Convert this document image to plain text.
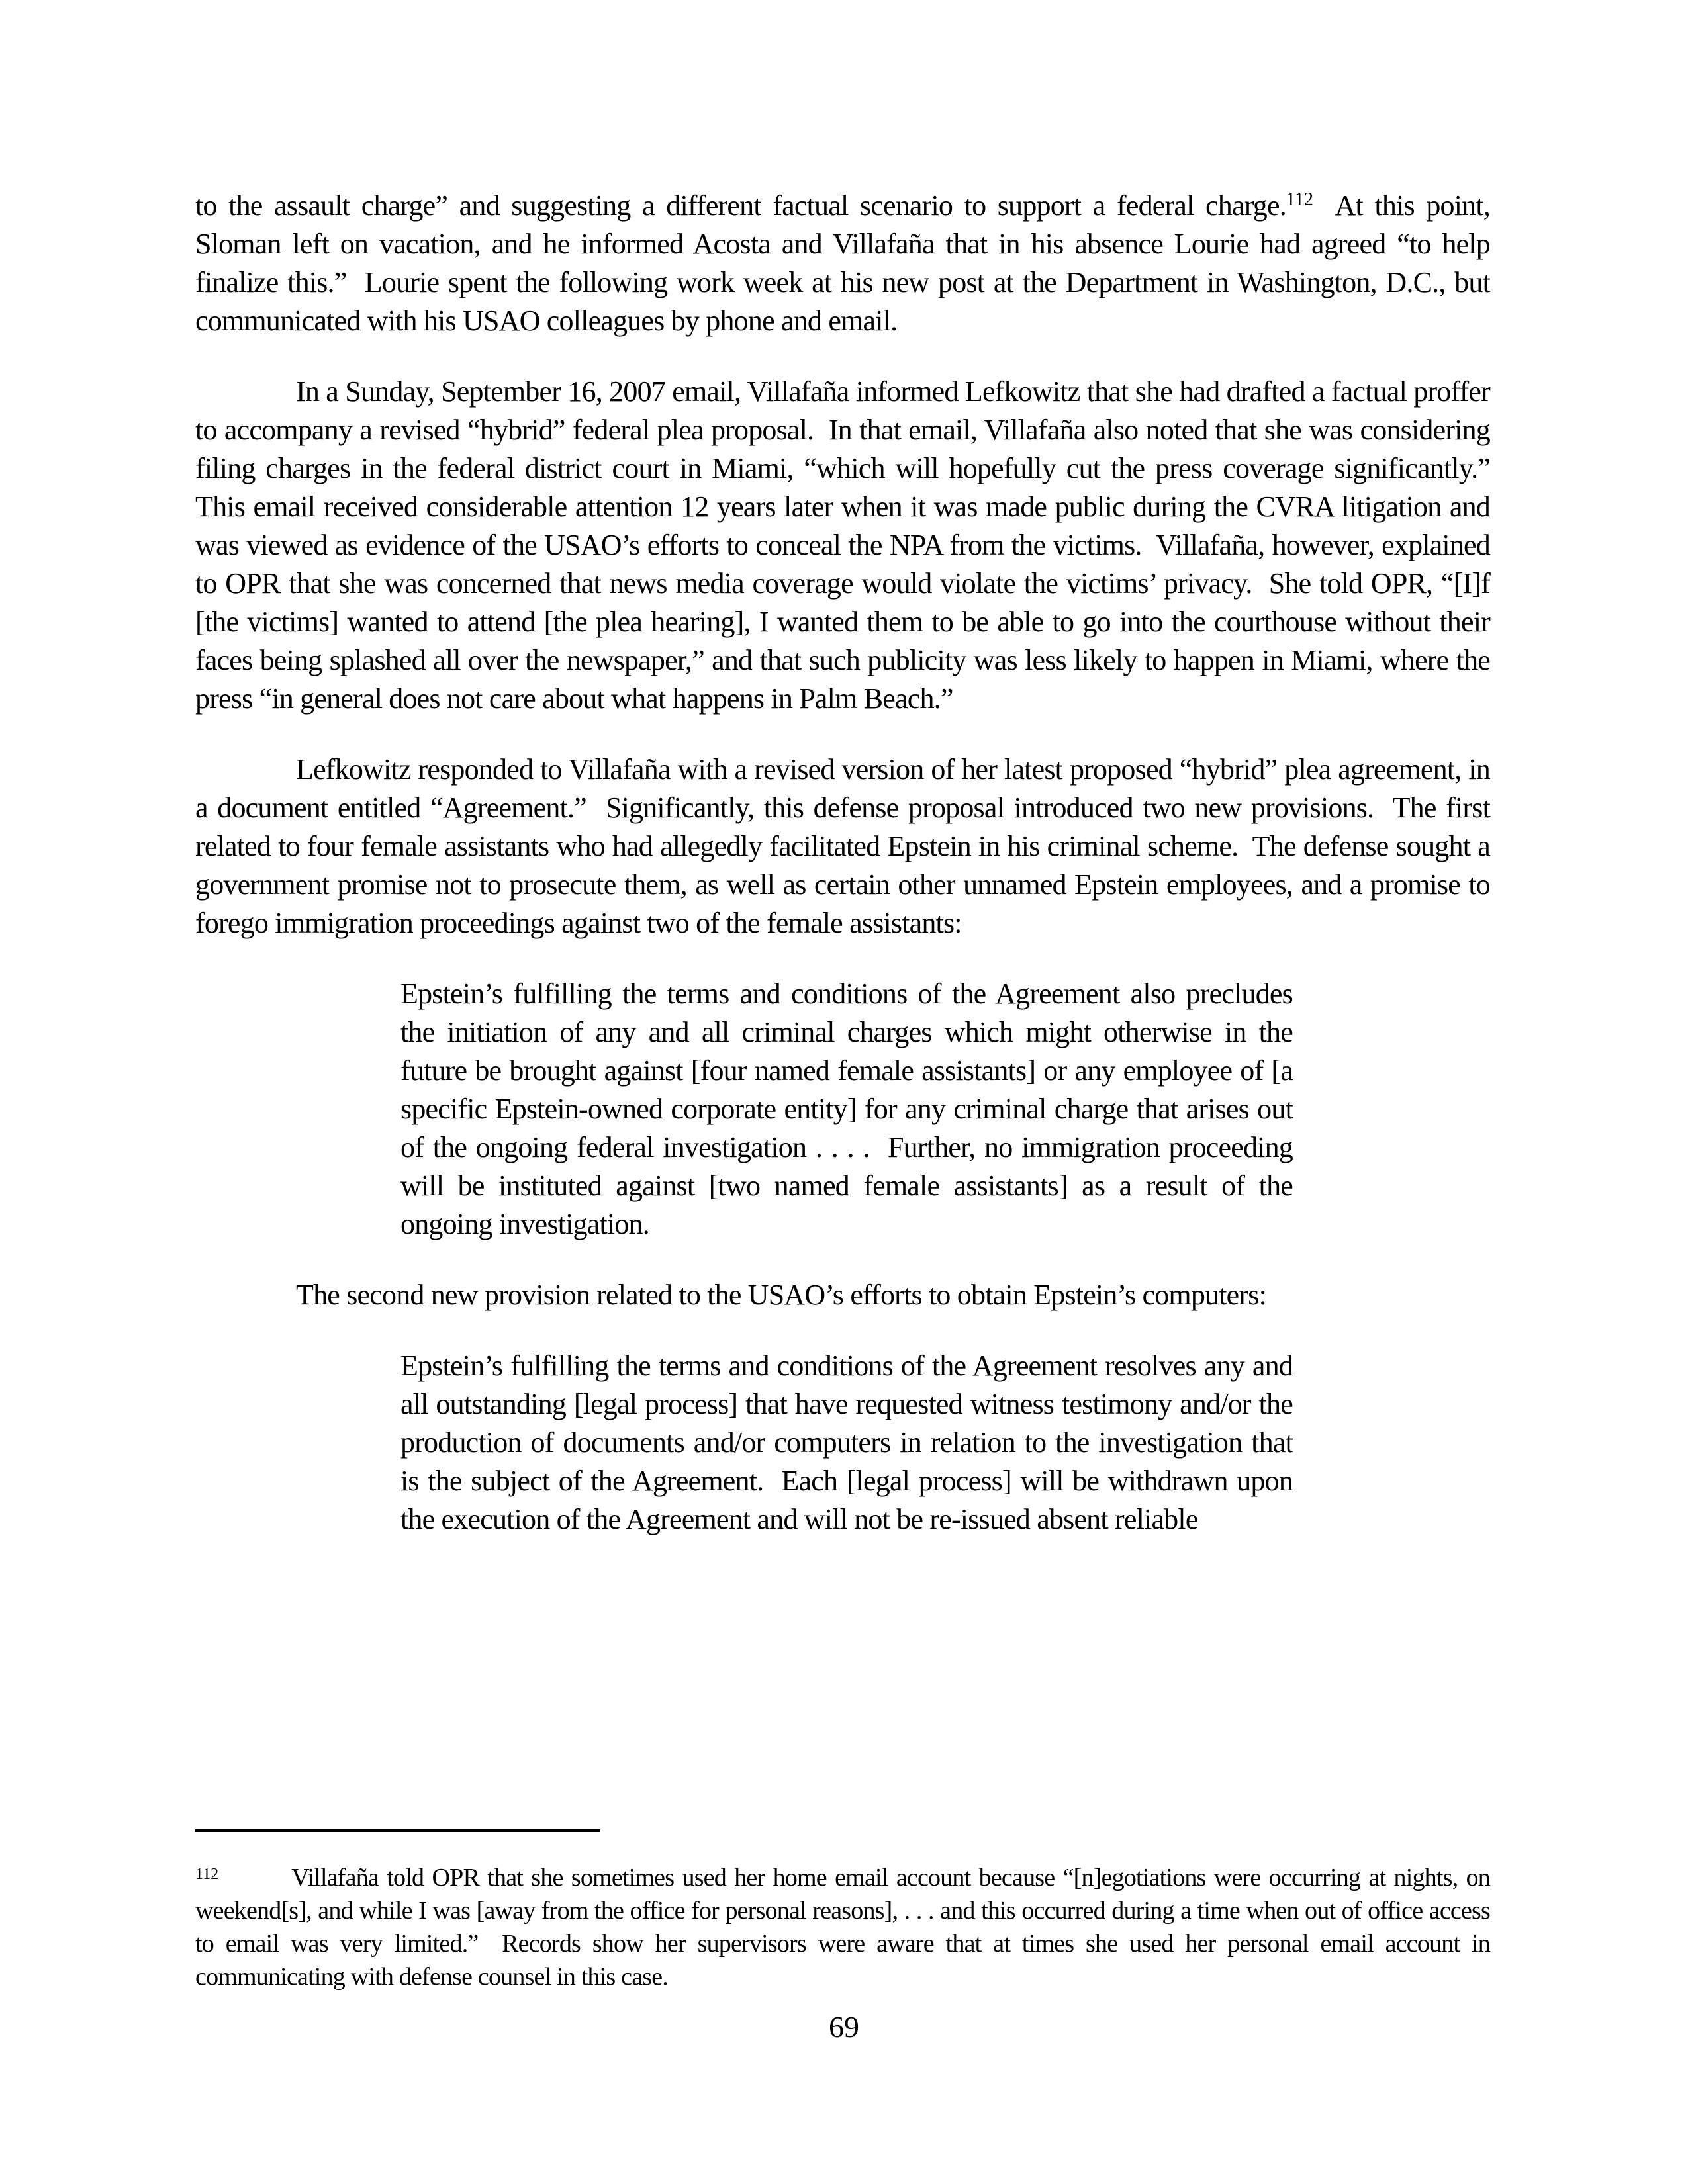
to the assault charge” and suggesting a different factual scenario to support a federal charge.$^{112}$  At this point, Sloman left on vacation, and he informed Acosta and Villafaña that in his absence Lourie had agreed “to help finalize this.”  Lourie spent the following work week at his new post at the Department in Washington, D.C., but communicated with his USAO colleagues by phone and email.

In a Sunday, September 16, 2007 email, Villafaña informed Lefkowitz that she had drafted a factual proffer to accompany a revised “hybrid” federal plea proposal.  In that email, Villafaña also noted that she was considering filing charges in the federal district court in Miami, “which will hopefully cut the press coverage significantly.”  This email received considerable attention 12 years later when it was made public during the CVRA litigation and was viewed as evidence of the USAO’s efforts to conceal the NPA from the victims.  Villafaña, however, explained to OPR that she was concerned that news media coverage would violate the victims’ privacy.  She told OPR, “[I]f [the victims] wanted to attend [the plea hearing], I wanted them to be able to go into the courthouse without their faces being splashed all over the newspaper,” and that such publicity was less likely to happen in Miami, where the press “in general does not care about what happens in Palm Beach.”

Lefkowitz responded to Villafaña with a revised version of her latest proposed “hybrid” plea agreement, in a document entitled “Agreement.”  Significantly, this defense proposal introduced two new provisions.  The first related to four female assistants who had allegedly facilitated Epstein in his criminal scheme.  The defense sought a government promise not to prosecute them, as well as certain other unnamed Epstein employees, and a promise to forego immigration proceedings against two of the female assistants:

Epstein’s fulfilling the terms and conditions of the Agreement also precludes the initiation of any and all criminal charges which might otherwise in the future be brought against [four named female assistants] or any employee of [a specific Epstein-owned corporate entity] for any criminal charge that arises out of the ongoing federal investigation . . . .  Further, no immigration proceeding will be instituted against [two named female assistants] as a result of the ongoing investigation.

The second new provision related to the USAO’s efforts to obtain Epstein’s computers:

Epstein’s fulfilling the terms and conditions of the Agreement resolves any and all outstanding [legal process] that have requested witness testimony and/or the production of documents and/or computers in relation to the investigation that is the subject of the Agreement.  Each [legal process] will be withdrawn upon the execution of the Agreement and will not be re-issued absent reliable

$^{112}$	Villafaña told OPR that she sometimes used her home email account because “[n]egotiations were occurring at nights, on weekend[s], and while I was [away from the office for personal reasons], . . . and this occurred during a time when out of office access to email was very limited.”  Records show her supervisors were aware that at times she used her personal email account in communicating with defense counsel in this case.

69
